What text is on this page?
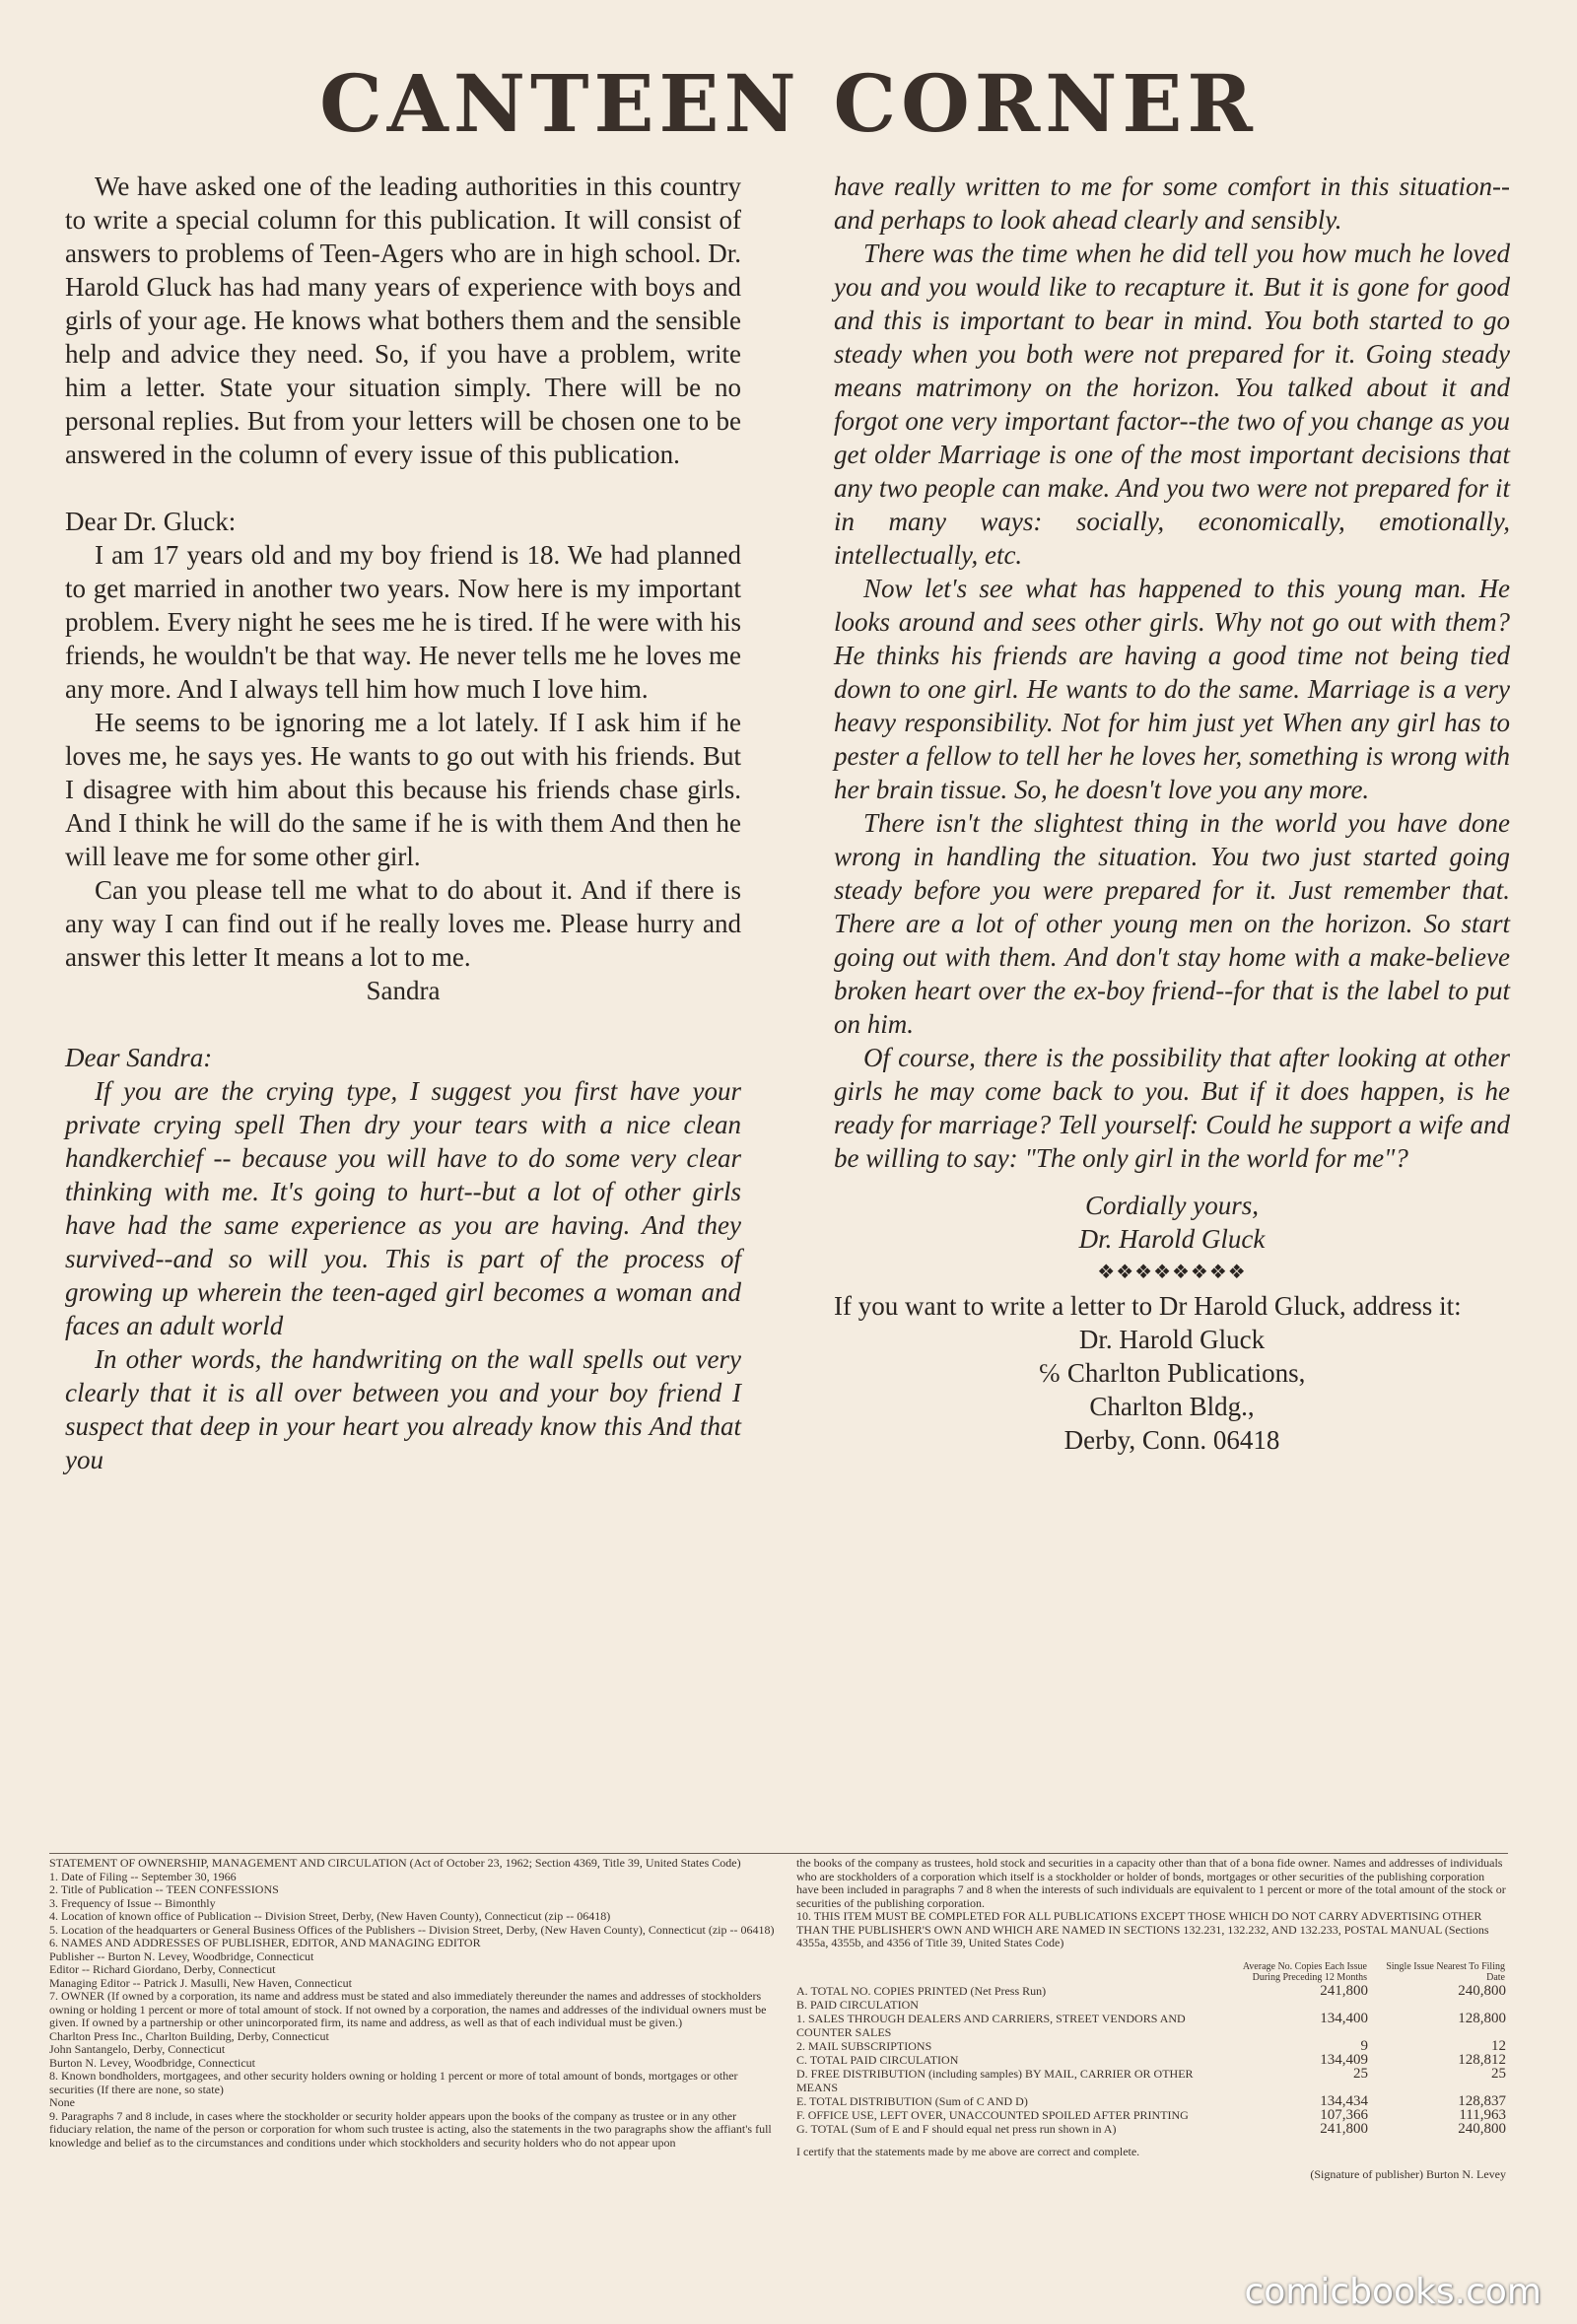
CANTEEN CORNER

We have asked one of the leading authorities in this country to write a special column for this publication. It will consist of answers to problems of Teen-Agers who are in high school. Dr. Harold Gluck has had many years of experience with boys and girls of your age. He knows what bothers them and the sensible help and advice they need. So, if you have a problem, write him a letter. State your situation simply. There will be no personal replies. But from your letters will be chosen one to be answered in the column of every issue of this publication.

Dear Dr. Gluck:

I am 17 years old and my boy friend is 18. We had planned to get married in another two years. Now here is my important problem. Every night he sees me he is tired. If he were with his friends, he wouldn't be that way. He never tells me he loves me any more. And I always tell him how much I love him.

He seems to be ignoring me a lot lately. If I ask him if he loves me, he says yes. He wants to go out with his friends. But I disagree with him about this because his friends chase girls. And I think he will do the same if he is with them And then he will leave me for some other girl.

Can you please tell me what to do about it. And if there is any way I can find out if he really loves me. Please hurry and answer this letter It means a lot to me.

Sandra

Dear Sandra:

If you are the crying type, I suggest you first have your private crying spell Then dry your tears with a nice clean handkerchief -- because you will have to do some very clear thinking with me. It's going to hurt--but a lot of other girls have had the same experience as you are having. And they survived--and so will you. This is part of the process of growing up wherein the teen-aged girl becomes a woman and faces an adult world

In other words, the handwriting on the wall spells out very clearly that it is all over between you and your boy friend I suspect that deep in your heart you already know this And that you

have really written to me for some comfort in this situation--and perhaps to look ahead clearly and sensibly.

There was the time when he did tell you how much he loved you and you would like to recapture it. But it is gone for good and this is important to bear in mind. You both started to go steady when you both were not prepared for it. Going steady means matrimony on the horizon. You talked about it and forgot one very important factor--the two of you change as you get older Marriage is one of the most important decisions that any two people can make. And you two were not prepared for it in many ways: socially, economically, emotionally, intellectually, etc.

Now let's see what has happened to this young man. He looks around and sees other girls. Why not go out with them? He thinks his friends are having a good time not being tied down to one girl. He wants to do the same. Marriage is a very heavy responsibility. Not for him just yet When any girl has to pester a fellow to tell her he loves her, something is wrong with her brain tissue. So, he doesn't love you any more.

There isn't the slightest thing in the world you have done wrong in handling the situation. You two just started going steady before you were prepared for it. Just remember that. There are a lot of other young men on the horizon. So start going out with them. And don't stay home with a make-believe broken heart over the ex-boy friend--for that is the label to put on him.

Of course, there is the possibility that after looking at other girls he may come back to you. But if it does happen, is he ready for marriage? Tell yourself: Could he support a wife and be willing to say: "The only girl in the world for me"?

Cordially yours,

Dr. Harold Gluck

❖❖❖❖❖❖❖❖

If you want to write a letter to Dr Harold Gluck, address it:

Dr. Harold Gluck

℅ Charlton Publications,

Charlton Bldg.,

Derby, Conn. 06418

STATEMENT OF OWNERSHIP, MANAGEMENT AND CIRCULATION (Act of October 23, 1962; Section 4369, Title 39, United States Code)

1. Date of Filing -- September 30, 1966

2. Title of Publication -- TEEN CONFESSIONS

3. Frequency of Issue -- Bimonthly

4. Location of known office of Publication -- Division Street, Derby, (New Haven County), Connecticut (zip -- 06418)

5. Location of the headquarters or General Business Offices of the Publishers -- Division Street, Derby, (New Haven County), Connecticut (zip -- 06418)

6. NAMES AND ADDRESSES OF PUBLISHER, EDITOR, AND MANAGING EDITOR

Publisher -- Burton N. Levey, Woodbridge, Connecticut

Editor -- Richard Giordano, Derby, Connecticut

Managing Editor -- Patrick J. Masulli, New Haven, Connecticut

7. OWNER (If owned by a corporation, its name and address must be stated and also immediately thereunder the names and addresses of stockholders owning or holding 1 percent or more of total amount of stock. If not owned by a corporation, the names and addresses of the individual owners must be given. If owned by a partnership or other unincorporated firm, its name and address, as well as that of each individual must be given.)

Charlton Press Inc., Charlton Building, Derby, Connecticut

John Santangelo, Derby, Connecticut

Burton N. Levey, Woodbridge, Connecticut

8. Known bondholders, mortgagees, and other security holders owning or holding 1 percent or more of total amount of bonds, mortgages or other securities (If there are none, so state)

None

9. Paragraphs 7 and 8 include, in cases where the stockholder or security holder appears upon the books of the company as trustee or in any other fiduciary relation, the name of the person or corporation for whom such trustee is acting, also the statements in the two paragraphs show the affiant's full knowledge and belief as to the circumstances and conditions under which stockholders and security holders who do not appear upon

the books of the company as trustees, hold stock and securities in a capacity other than that of a bona fide owner. Names and addresses of individuals who are stockholders of a corporation which itself is a stockholder or holder of bonds, mortgages or other securities of the publishing corporation have been included in paragraphs 7 and 8 when the interests of such individuals are equivalent to 1 percent or more of the total amount of the stock or securities of the publishing corporation.

10. THIS ITEM MUST BE COMPLETED FOR ALL PUBLICATIONS EXCEPT THOSE WHICH DO NOT CARRY ADVERTISING OTHER THAN THE PUBLISHER'S OWN AND WHICH ARE NAMED IN SECTIONS 132.231, 132.232, AND 132.233, POSTAL MANUAL (Sections 4355a, 4355b, and 4356 of Title 39, United States Code)

	Average No. Copies Each Issue During Preceding 12 Months	Single Issue Nearest To Filing Date
A. TOTAL NO. COPIES PRINTED (Net Press Run)	241,800	240,800
B. PAID CIRCULATION		
1. SALES THROUGH DEALERS AND CARRIERS, STREET VENDORS AND COUNTER SALES	134,400	128,800
2. MAIL SUBSCRIPTIONS	9	12
C. TOTAL PAID CIRCULATION	134,409	128,812
D. FREE DISTRIBUTION (including samples) BY MAIL, CARRIER OR OTHER MEANS	25	25
E. TOTAL DISTRIBUTION (Sum of C AND D)	134,434	128,837
F. OFFICE USE, LEFT OVER, UNACCOUNTED SPOILED AFTER PRINTING	107,366	111,963
G. TOTAL (Sum of E and F should equal net press run shown in A)	241,800	240,800

I certify that the statements made by me above are correct and complete.

(Signature of publisher) Burton N. Levey

comicbooks.com
